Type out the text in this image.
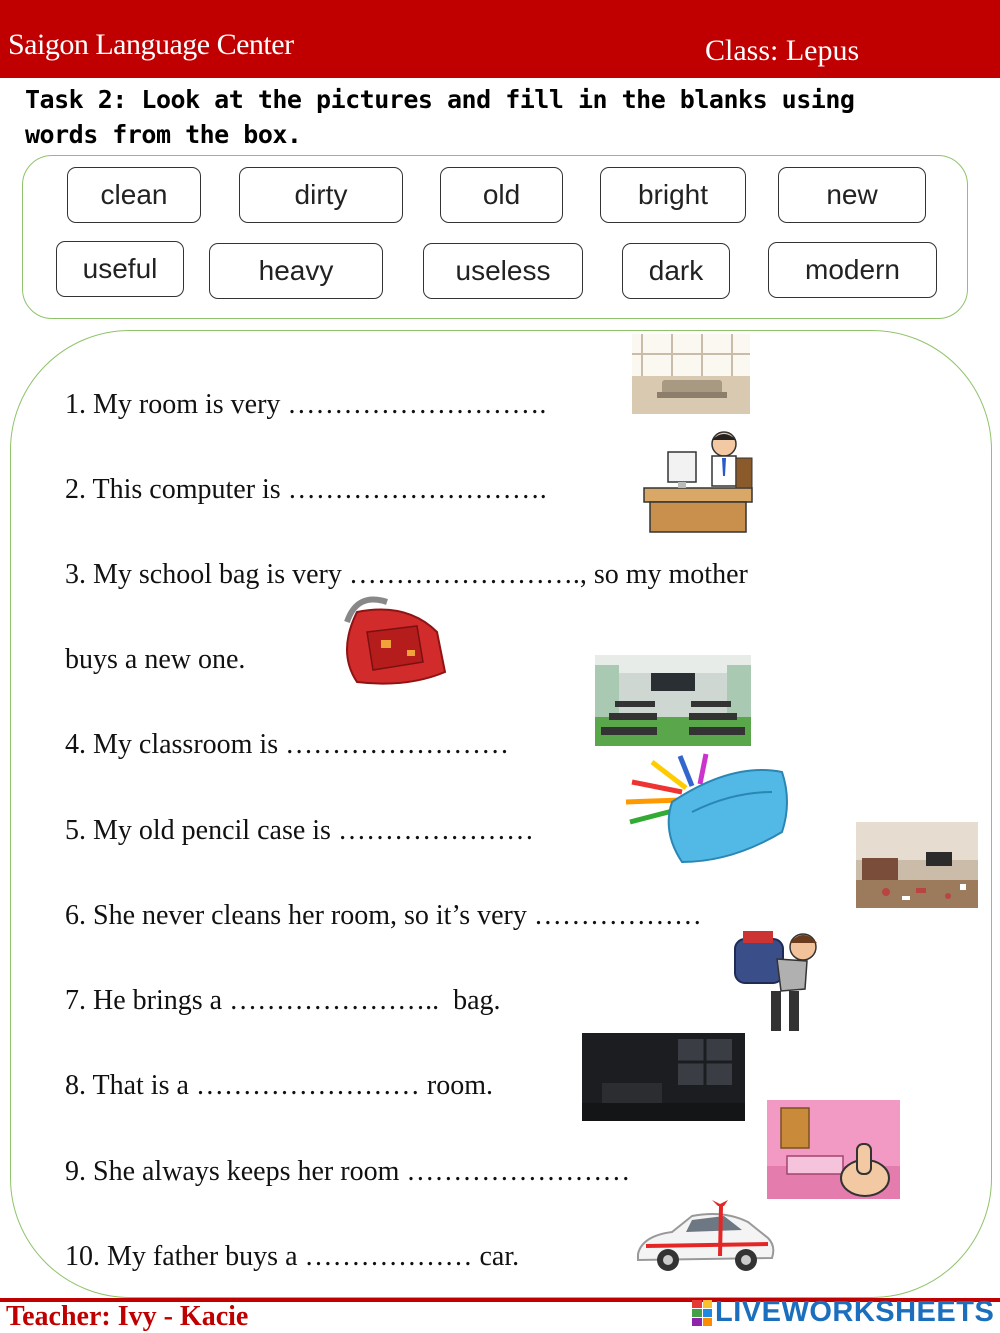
Saigon Language Center	Class: Lepus
Task 2: Look at the pictures and fill in the blanks using words from the box.
clean	dirty	old	bright	new
useful	heavy	useless	dark	modern
1. My room is very ……………………….
2. This computer is ……………………….
3. My school bag is very ……………………., so my mother
buys a new one.
4. My classroom is ……………………
5. My old pencil case is …………………
6. She never cleans her room, so it’s very ………………
7. He brings a …………………..  bag.
8. That is a …………………… room.
9. She always keeps her room ……………………
10. My father buys a ……………… car.
Teacher: Ivy - Kacie	LIVEWORKSHEETS
